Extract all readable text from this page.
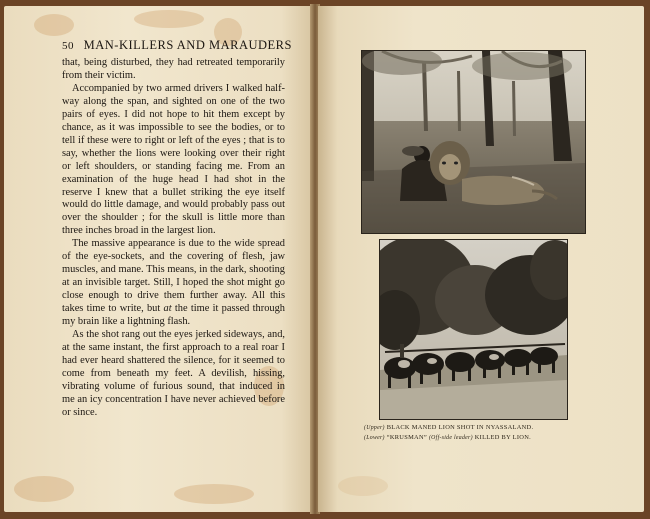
50 MAN-KILLERS AND MARAUDERS

that, being disturbed, they had retreated temporarily from their victim.

Accompanied by two armed drivers I walked half-way along the span, and sighted on one of the two pairs of eyes. I did not hope to hit them except by chance, as it was impossible to see the bodies, or to tell if these were to right or left of the eyes ; that is to say, whether the lions were looking over their right or left shoulders, or standing facing me. From an examination of the huge head I had shot in the reserve I knew that a bullet striking the eye itself would do little damage, and would probably pass out over the shoulder ; for the skull is little more than three inches broad in the largest lion.

The massive appearance is due to the wide spread of the eye-sockets, and the covering of flesh, jaw muscles, and mane. This means, in the dark, shooting at an invisible target. Still, I hoped the shot might go close enough to drive them further away. All this takes time to write, but at the time it passed through my brain like a lightning flash.

As the shot rang out the eyes jerked sideways, and, at the same instant, the first approach to a real roar I had ever heard shattered the silence, for it seemed to come from beneath my feet. A devilish, hissing, vibrating volume of furious sound, that induced in me an icy concentration I have never achieved before or since.

(Upper) BLACK MANED LION SHOT IN NYASSALAND.
(Lower) “KRUSMAN” (Off-side leader) KILLED BY LION.
